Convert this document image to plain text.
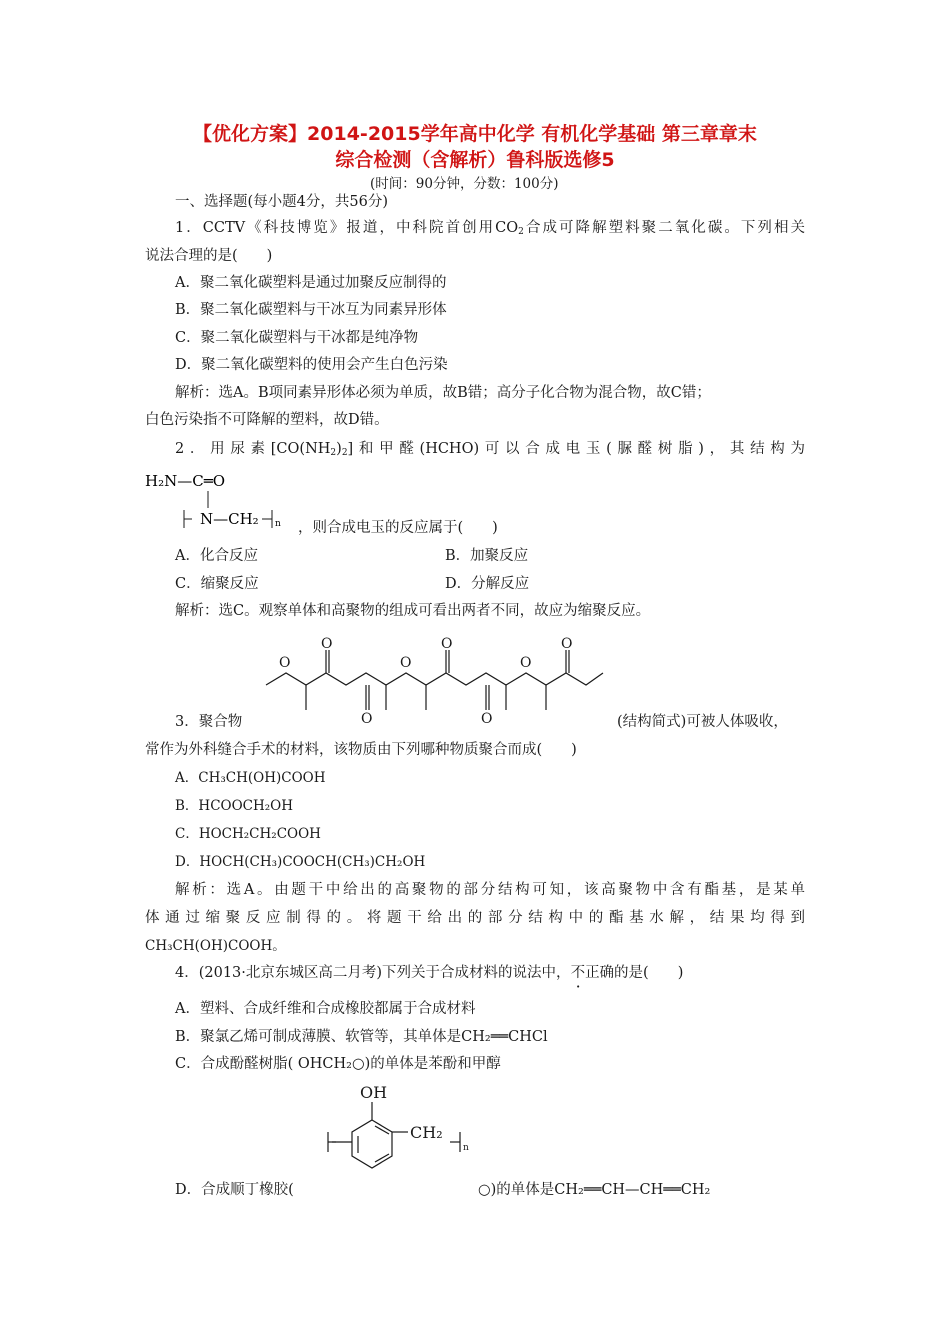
【优化方案】2014-2015学年高中化学 有机化学基础 第三章章末
综合检测（含解析）鲁科版选修5
(时间：90分钟，分数：100分)
一、选择题(每小题4分，共56分)
1．CCTV《科技博览》报道，中科院首创用$CO_2$合成可降解塑料聚二氧化碳。下列相关
说法合理的是(　　)
A．聚二氧化碳塑料是通过加聚反应制得的
B．聚二氧化碳塑料与干冰互为同素异形体
C．聚二氧化碳塑料与干冰都是纯净物
D．聚二氧化碳塑料的使用会产生白色污染
解析：选A。B项同素异形体必须为单质，故B错；高分子化合物为混合物，故C错；
白色污染指不可降解的塑料，故D错。
2．用尿素$[CO(NH_2)_2]$和甲醛(HCHO)可以合成电玉(脲醛树脂)，其结构为
H₂N—C═O
N—CH₂ n ，则合成电玉的反应属于(　　)
A．化合反应	B．加聚反应
C．缩聚反应	D．分解反应
解析：选C。观察单体和高聚物的组成可看出两者不同，故应为缩聚反应。
O
O
O
O
O
O
O
O
3．聚合物	(结构简式)可被人体吸收，
常作为外科缝合手术的材料，该物质由下列哪种物质聚合而成(　　)
A．CH₃CH(OH)COOH
B．HCOOCH₂OH
C．HOCH₂CH₂COOH
D．HOCH(CH₃)COOCH(CH₃)CH₂OH
解析：选A。由题干中给出的高聚物的部分结构可知，该高聚物中含有酯基，是某单
体通过缩聚反应制得的。将题干给出的部分结构中的酯基水解，结果均得到
CH₃CH(OH)COOH。
4．(2013·北京东城区高二月考)下列关于合成材料的说法中，不正确的是(　　)
A．塑料、合成纤维和合成橡胶都属于合成材料
B．聚氯乙烯可制成薄膜、软管等，其单体是CH₂══CHCl
C．合成酚醛树脂( OHCH₂○)的单体是苯酚和甲醇
OH
CH₂
n
D．合成顺丁橡胶(	○)的单体是CH₂══CH—CH══CH₂
